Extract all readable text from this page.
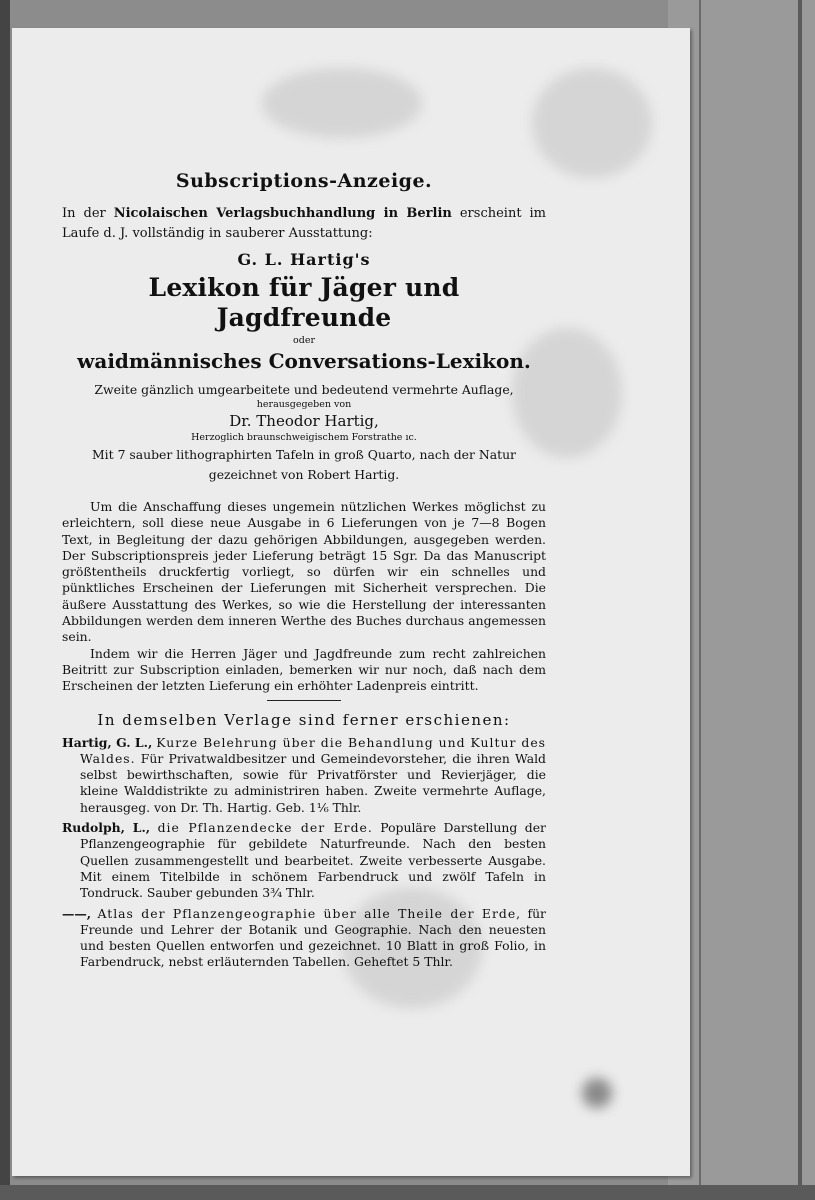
Subscriptions-Anzeige.

In der Nicolaischen Verlagsbuchhandlung in Berlin erscheint im Laufe d. J. vollständig in sauberer Ausstattung:

G. L. Hartig's

Lexikon für Jäger und Jagdfreunde

oder

waidmännisches Conversations-Lexikon.

Zweite gänzlich umgearbeitete und bedeutend vermehrte Auflage,

herausgegeben von

Dr. Theodor Hartig,

Herzoglich braunschweigischem Forstrathe ıc.

Mit 7 sauber lithographirten Tafeln in groß Quarto, nach der Natur

gezeichnet von Robert Hartig.

Um die Anschaffung dieses ungemein nützlichen Werkes möglichst zu erleichtern, soll diese neue Ausgabe in 6 Lieferungen von je 7—8 Bogen Text, in Begleitung der dazu gehörigen Abbildungen, ausgegeben werden. Der Subscriptionspreis jeder Lieferung beträgt 15 Sgr. Da das Manuscript größtentheils druckfertig vorliegt, so dürfen wir ein schnelles und pünktliches Erscheinen der Lieferungen mit Sicherheit versprechen. Die äußere Ausstattung des Werkes, so wie die Herstellung der interessanten Abbildungen werden dem inneren Werthe des Buches durchaus angemessen sein.

Indem wir die Herren Jäger und Jagdfreunde zum recht zahlreichen Beitritt zur Subscription einladen, bemerken wir nur noch, daß nach dem Erscheinen der letzten Lieferung ein erhöhter Ladenpreis eintritt.

In demselben Verlage sind ferner erschienen:

Hartig, G. L., Kurze Belehrung über die Behandlung und Kultur des Waldes. Für Privatwaldbesitzer und Gemeindevorsteher, die ihren Wald selbst bewirthschaften, sowie für Privatförster und Revierjäger, die kleine Walddistrikte zu administriren haben. Zweite vermehrte Auflage, herausgeg. von Dr. Th. Hartig. Geb. 1⅙ Thlr.

Rudolph, L., die Pflanzendecke der Erde. Populäre Darstellung der Pflanzengeographie für gebildete Naturfreunde. Nach den besten Quellen zusammengestellt und bearbeitet. Zweite verbesserte Ausgabe. Mit einem Titelbilde in schönem Farbendruck und zwölf Tafeln in Tondruck. Sauber gebunden 3¾ Thlr.

——, Atlas der Pflanzengeographie über alle Theile der Erde, für Freunde und Lehrer der Botanik und Geographie. Nach den neuesten und besten Quellen entworfen und gezeichnet. 10 Blatt in groß Folio, in Farbendruck, nebst erläuternden Tabellen. Geheftet 5 Thlr.
